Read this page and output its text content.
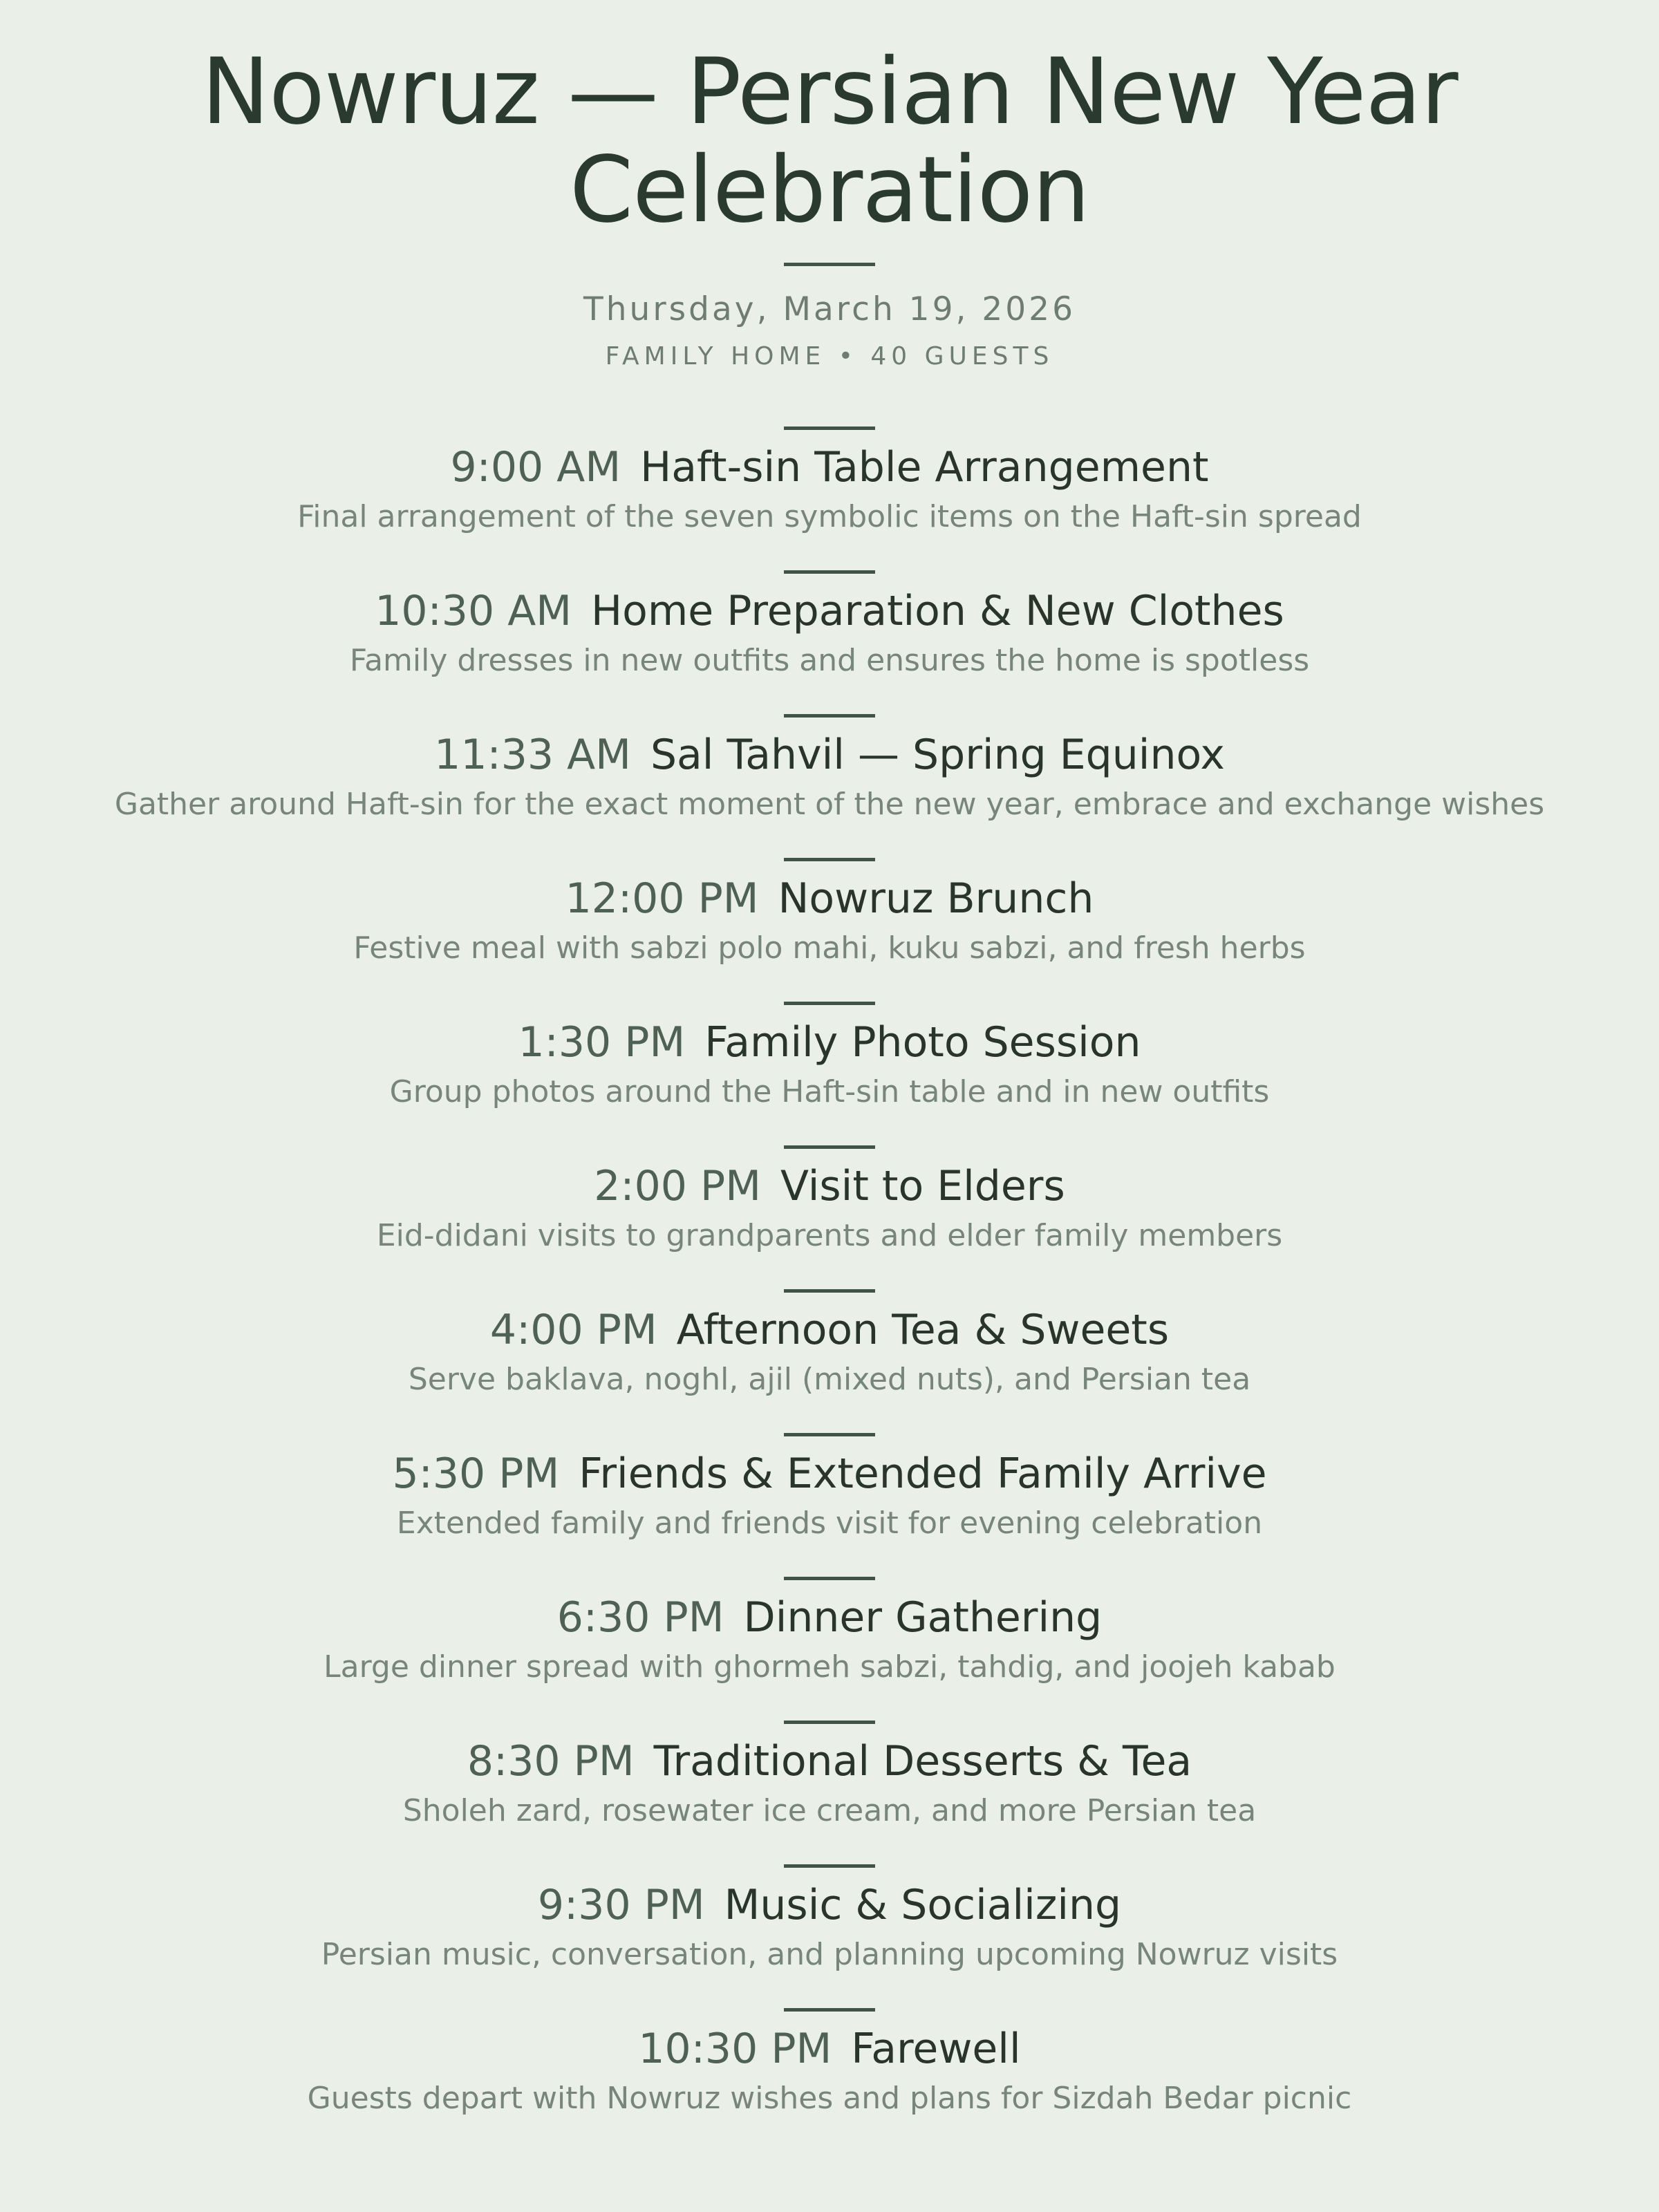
Nowruz — Persian New Year Celebration
Thursday, March 19, 2026
FAMILY HOME • 40 GUESTS
9:00 AM Haft-sin Table Arrangement
Final arrangement of the seven symbolic items on the Haft-sin spread
10:30 AM Home Preparation & New Clothes
Family dresses in new outfits and ensures the home is spotless
11:33 AM Sal Tahvil — Spring Equinox
Gather around Haft-sin for the exact moment of the new year, embrace and exchange wishes
12:00 PM Nowruz Brunch
Festive meal with sabzi polo mahi, kuku sabzi, and fresh herbs
1:30 PM Family Photo Session
Group photos around the Haft-sin table and in new outfits
2:00 PM Visit to Elders
Eid-didani visits to grandparents and elder family members
4:00 PM Afternoon Tea & Sweets
Serve baklava, noghl, ajil (mixed nuts), and Persian tea
5:30 PM Friends & Extended Family Arrive
Extended family and friends visit for evening celebration
6:30 PM Dinner Gathering
Large dinner spread with ghormeh sabzi, tahdig, and joojeh kabab
8:30 PM Traditional Desserts & Tea
Sholeh zard, rosewater ice cream, and more Persian tea
9:30 PM Music & Socializing
Persian music, conversation, and planning upcoming Nowruz visits
10:30 PM Farewell
Guests depart with Nowruz wishes and plans for Sizdah Bedar picnic
